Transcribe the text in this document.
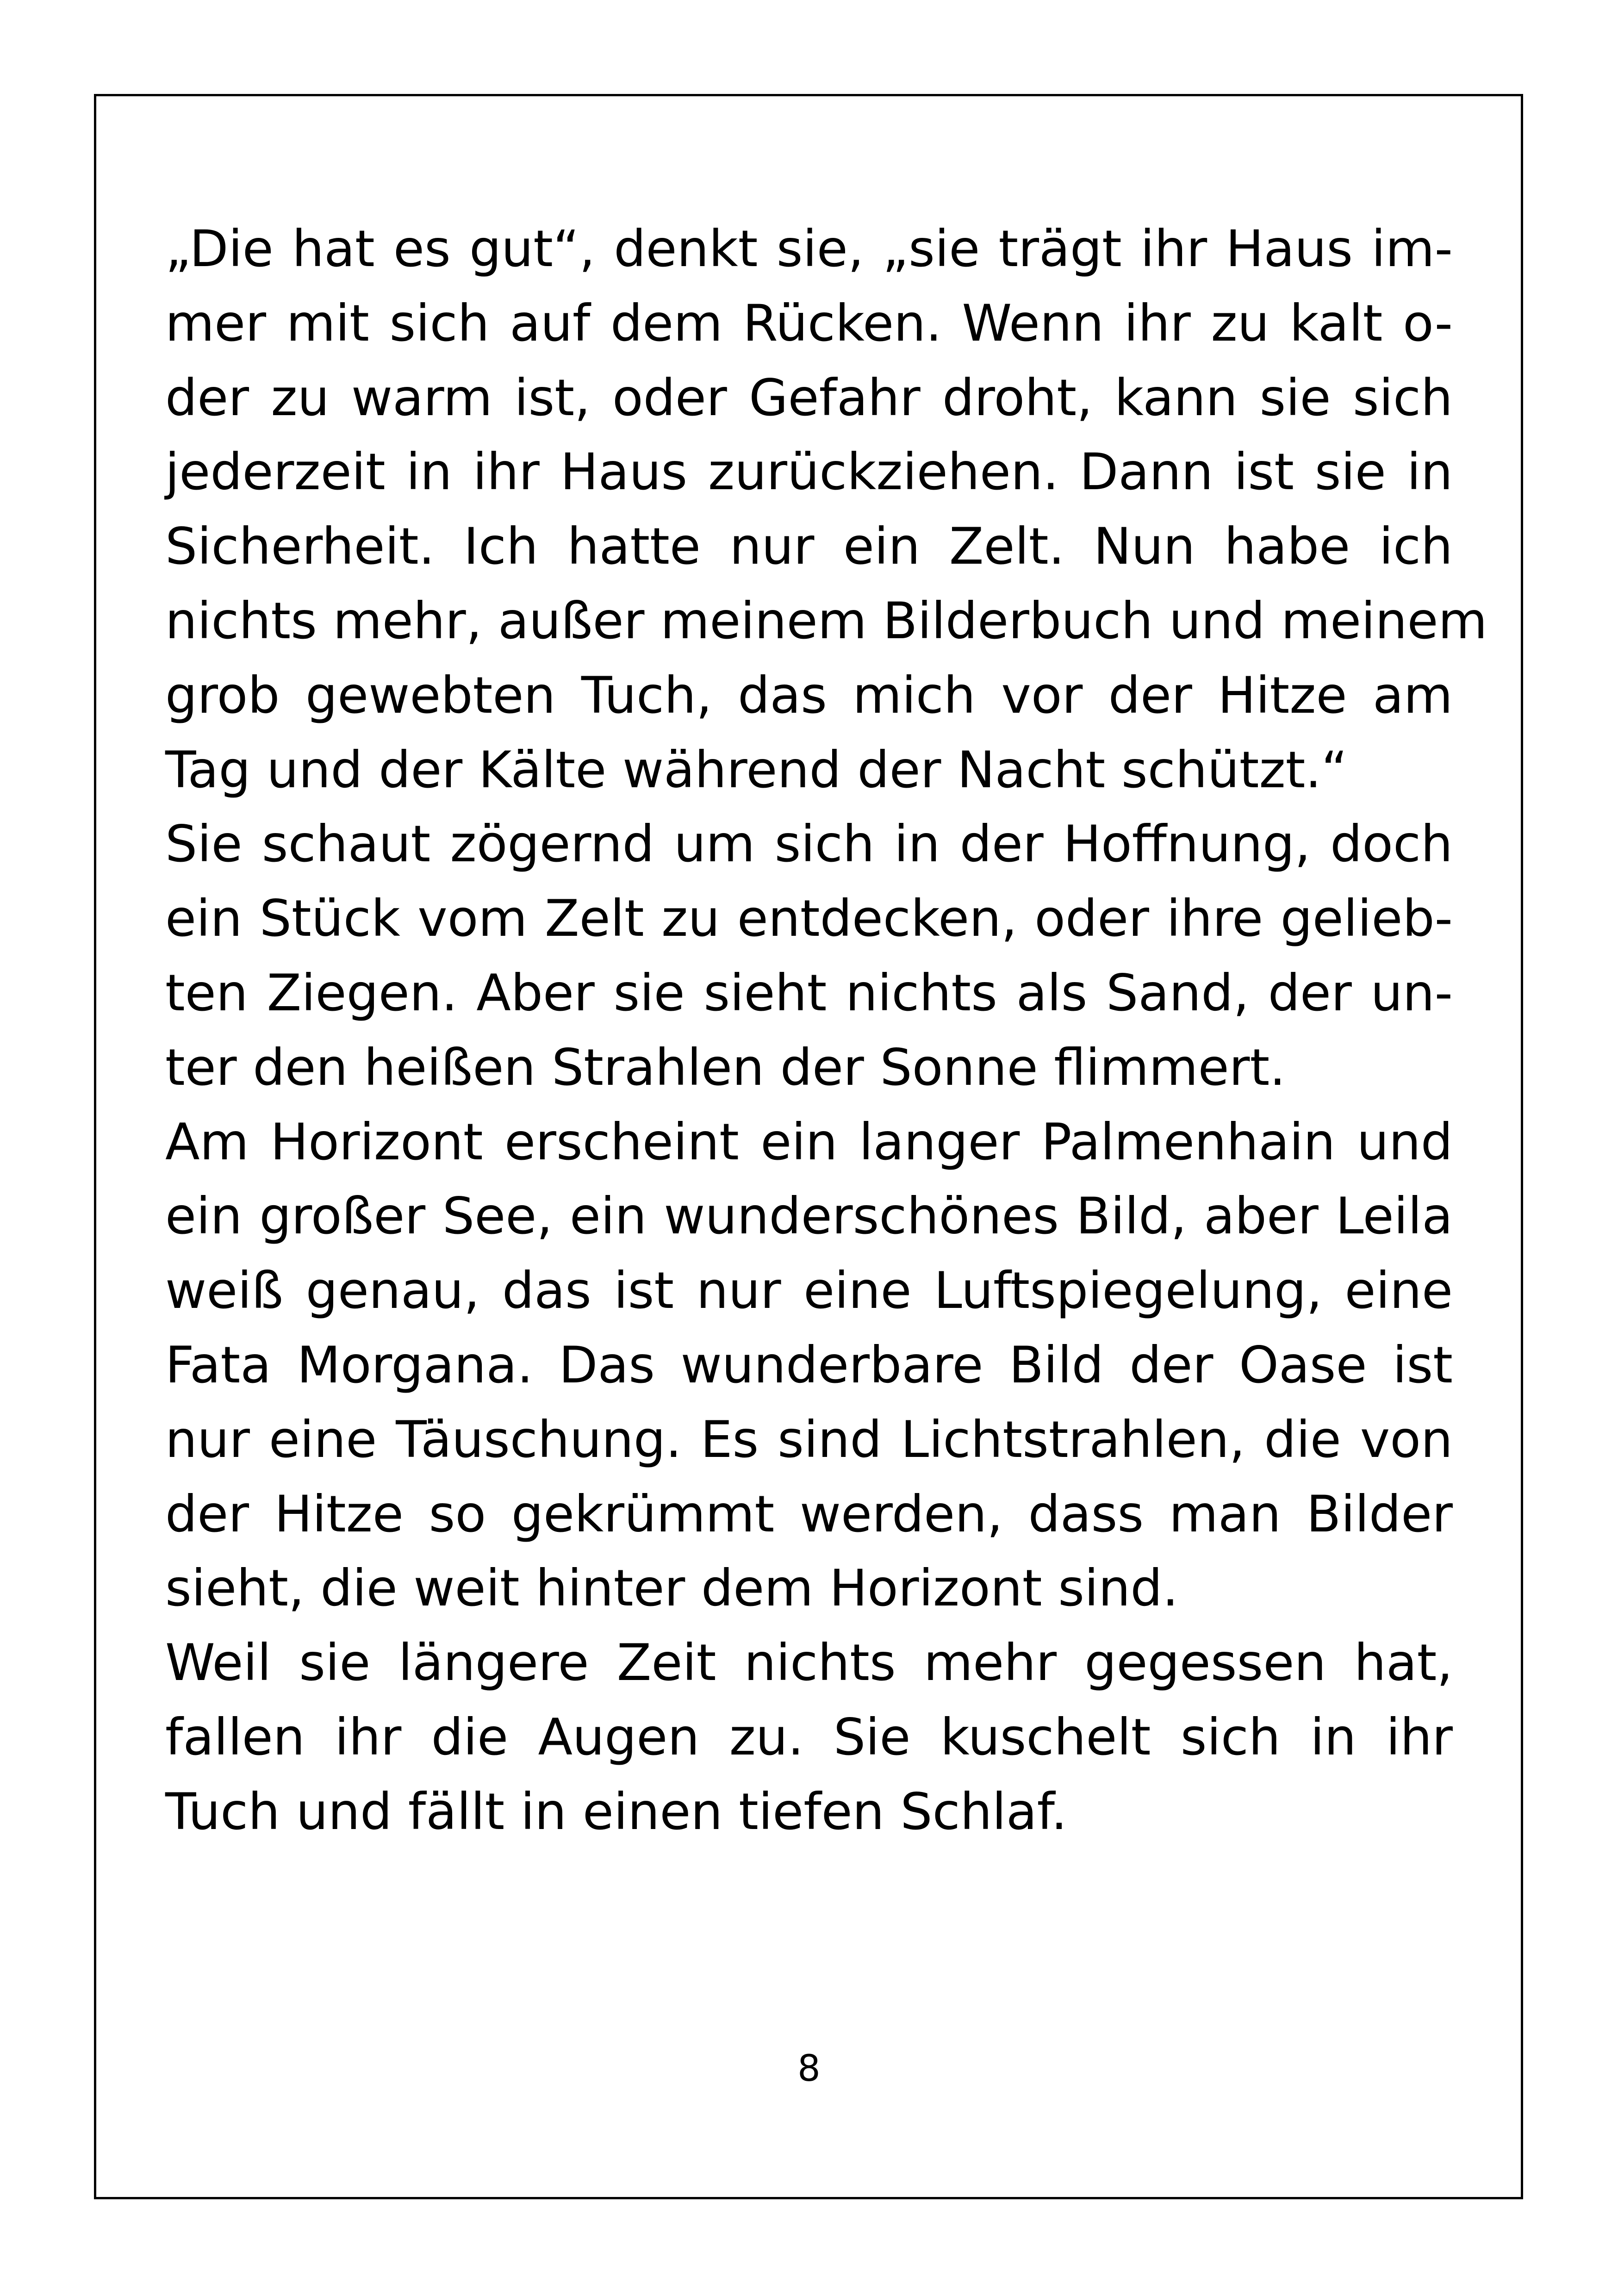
„Die hat es gut“, denkt sie, „sie trägt ihr Haus im-
mer mit sich auf dem Rücken. Wenn ihr zu kalt o-
der zu warm ist, oder Gefahr droht, kann sie sich
jederzeit in ihr Haus zurückziehen. Dann ist sie in
Sicherheit. Ich hatte nur ein Zelt. Nun habe ich
nichts mehr, außer meinem Bilderbuch und meinem
grob gewebten Tuch, das mich vor der Hitze am
Tag und der Kälte während der Nacht schützt.“
Sie schaut zögernd um sich in der Hoffnung, doch
ein Stück vom Zelt zu entdecken, oder ihre gelieb-
ten Ziegen. Aber sie sieht nichts als Sand, der un-
ter den heißen Strahlen der Sonne flimmert.
Am Horizont erscheint ein langer Palmenhain und
ein großer See, ein wunderschönes Bild, aber Leila
weiß genau, das ist nur eine Luftspiegelung, eine
Fata Morgana. Das wunderbare Bild der Oase ist
nur eine Täuschung. Es sind Lichtstrahlen, die von
der Hitze so gekrümmt werden, dass man Bilder
sieht, die weit hinter dem Horizont sind.
Weil sie längere Zeit nichts mehr gegessen hat,
fallen ihr die Augen zu. Sie kuschelt sich in ihr
Tuch und fällt in einen tiefen Schlaf.
8
